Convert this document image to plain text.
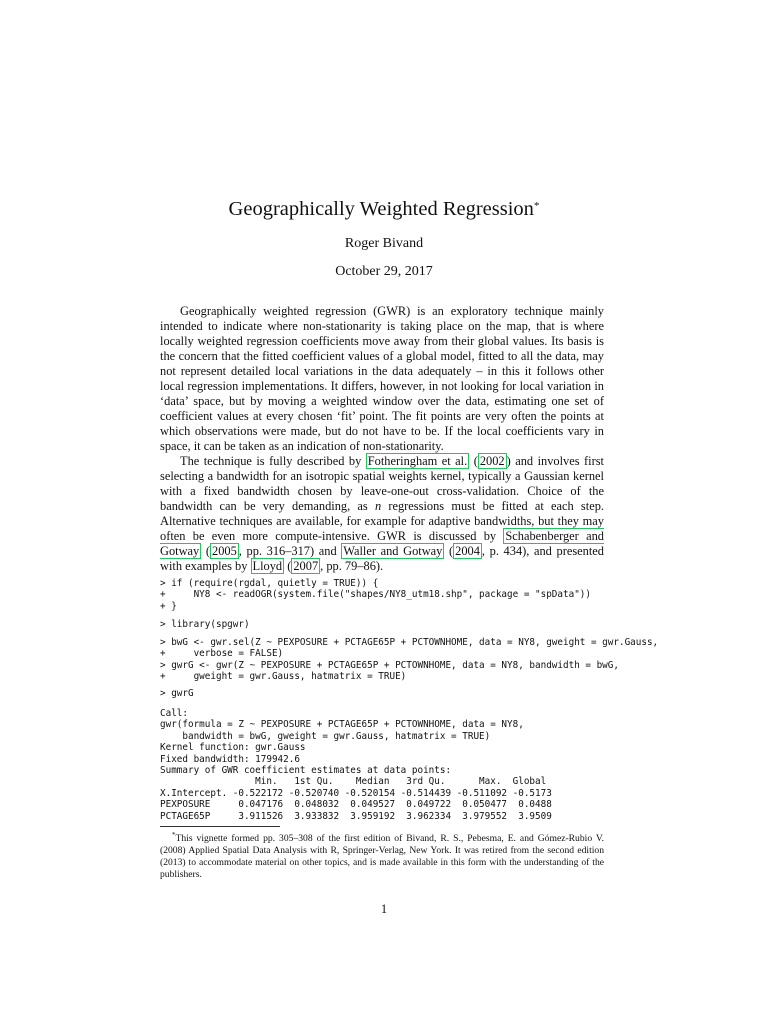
Geographically Weighted Regression*
Roger Bivand
October 29, 2017

Geographically weighted regression (GWR) is an exploratory technique mainly intended to indicate where non-stationarity is taking place on the map, that is where locally weighted regression coefficients move away from their global values. Its basis is the concern that the fitted coefficient values of a global model, fitted to all the data, may not represent detailed local variations in the data adequately – in this it follows other local regression implementations. It differs, however, in not looking for local variation in ‘data’ space, but by moving a weighted window over the data, estimating one set of coefficient values at every chosen ‘fit’ point. The fit points are very often the points at which observations were made, but do not have to be. If the local coefficients vary in space, it can be taken as an indication of non-stationarity.

The technique is fully described by Fotheringham et al. ( 2002 ) and involves first selecting a bandwidth for an isotropic spatial weights kernel, typically a Gaussian kernel with a fixed bandwidth chosen by leave-one-out cross-validation. Choice of the bandwidth can be very demanding, as n regressions must be fitted at each step. Alternative techniques are available, for example for adaptive bandwidths, but they may often be even more compute-intensive. GWR is discussed by Schabenberger and Gotway ( 2005 , pp. 316–317) and Waller and Gotway ( 2004 , p. 434), and presented with examples by Lloyd ( 2007 , pp. 79–86).

> if (require(rgdal, quietly = TRUE)) {
+     NY8 <- readOGR(system.file("shapes/NY8_utm18.shp", package = "spData"))
+ }
> library(spgwr)
> bwG <- gwr.sel(Z ~ PEXPOSURE + PCTAGE65P + PCTOWNHOME, data = NY8, gweight = gwr.Gauss,
+     verbose = FALSE)
> gwrG <- gwr(Z ~ PEXPOSURE + PCTAGE65P + PCTOWNHOME, data = NY8, bandwidth = bwG,
+     gweight = gwr.Gauss, hatmatrix = TRUE)
> gwrG
Call:
gwr(formula = Z ~ PEXPOSURE + PCTAGE65P + PCTOWNHOME, data = NY8,
bandwidth = bwG, gweight = gwr.Gauss, hatmatrix = TRUE)
Kernel function: gwr.Gauss
Fixed bandwidth: 179942.6
Summary of GWR coefficient estimates at data points:
Min.   1st Qu.    Median   3rd Qu.      Max.  Global
X.Intercept. -0.522172 -0.520740 -0.520154 -0.514439 -0.511092 -0.5173
PEXPOSURE     0.047176  0.048032  0.049527  0.049722  0.050477  0.0488
PCTAGE65P     3.911526  3.933832  3.959192  3.962334  3.979552  3.9509

*This vignette formed pp. 305–308 of the first edition of Bivand, R. S., Pebesma, E. and Gómez-Rubio V. (2008) Applied Spatial Data Analysis with R, Springer-Verlag, New York. It was retired from the second edition (2013) to accommodate material on other topics, and is made available in this form with the understanding of the publishers.

1
